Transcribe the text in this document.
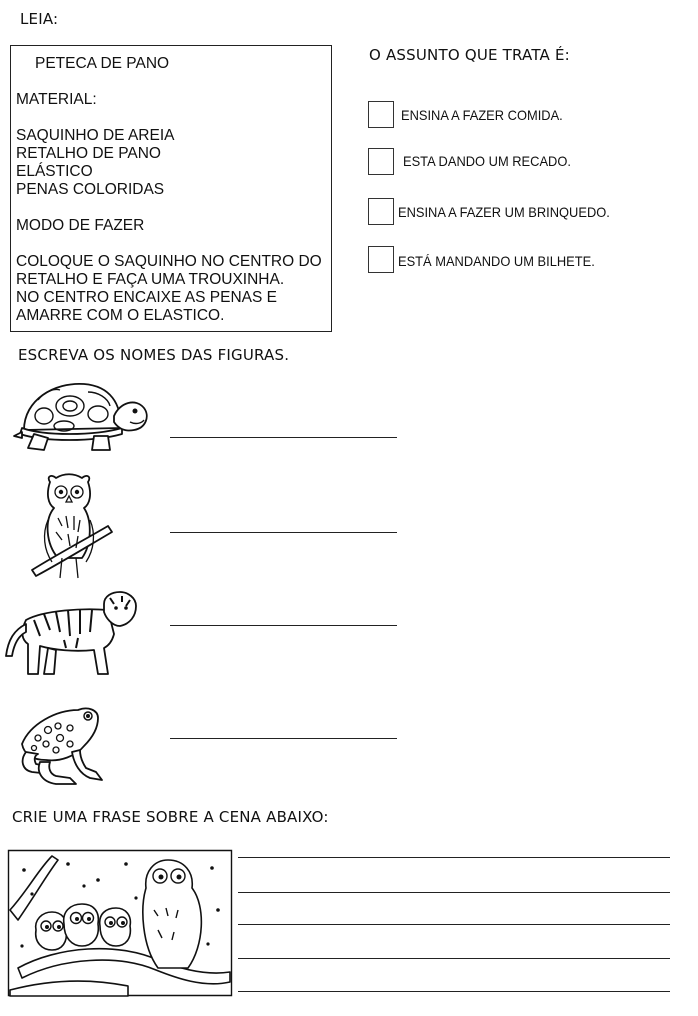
LEIA:
PETECA DE PANO
MATERIAL:
SAQUINHO DE AREIA
RETALHO DE PANO
ELÁSTICO
PENAS COLORIDAS
MODO DE FAZER
COLOQUE O SAQUINHO NO CENTRO DO
RETALHO E FAÇA UMA TROUXINHA.
NO CENTRO ENCAIXE AS PENAS E
AMARRE COM O ELASTICO.
O ASSUNTO QUE TRATA É:
ENSINA A FAZER COMIDA.
ESTA DANDO UM RECADO.
ENSINA A FAZER UM BRINQUEDO.
ESTÁ MANDANDO UM BILHETE.
ESCREVA OS NOMES DAS FIGURAS.
CRIE UMA FRASE SOBRE A CENA ABAIXO:
